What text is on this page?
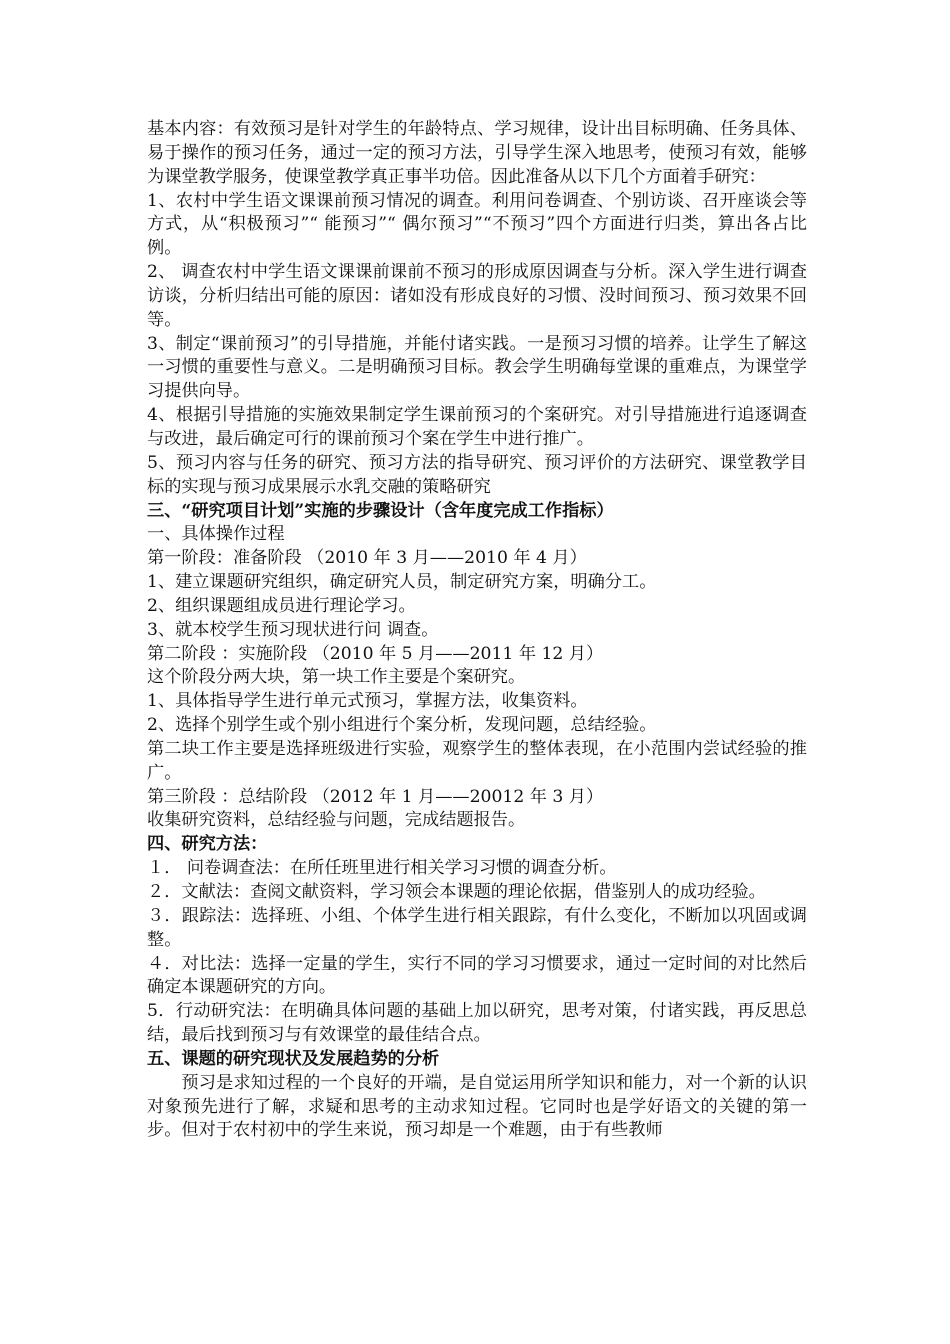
基本内容：有效预习是针对学生的年龄特点、学习规律，设计出目标明确、任务具体、易于操作的预习任务，通过一定的预习方法，引导学生深入地思考，使预习有效，能够为课堂教学服务，使课堂教学真正事半功倍。因此准备从以下几个方面着手研究：

1、农村中学生语文课课前预习情况的调查。利用问卷调查、个别访谈、召开座谈会等方式，从“积极预习”“ 能预习”“ 偶尔预习”“不预习”四个方面进行归类，算出各占比例。

2、 调查农村中学生语文课课前课前不预习的形成原因调查与分析。深入学生进行调查访谈，分析归结出可能的原因：诸如没有形成良好的习惯、没时间预习、预习效果不回等。

3、制定“课前预习”的引导措施，并能付诸实践。一是预习习惯的培养。让学生了解这一习惯的重要性与意义。二是明确预习目标。教会学生明确每堂课的重难点，为课堂学习提供向导。

4、根据引导措施的实施效果制定学生课前预习的个案研究。对引导措施进行追逐调查与改进，最后确定可行的课前预习个案在学生中进行推广。

5、预习内容与任务的研究、预习方法的指导研究、预习评价的方法研究、课堂教学目标的实现与预习成果展示水乳交融的策略研究

三、“研究项目计划”实施的步骤设计（含年度完成工作指标）

一、具体操作过程

第一阶段：准备阶段 （2010 年 3 月——2010 年 4 月）

1、建立课题研究组织，确定研究人员，制定研究方案，明确分工。

2、组织课题组成员进行理论学习。

3、就本校学生预习现状进行问 调查。

第二阶段 ：实施阶段 （2010 年 5 月——2011 年 12 月）

这个阶段分两大块，第一块工作主要是个案研究。

1、具体指导学生进行单元式预习，掌握方法，收集资料。

2、选择个别学生或个别小组进行个案分析，发现问题，总结经验。

第二块工作主要是选择班级进行实验，观察学生的整体表现，在小范围内尝试经验的推广。

第三阶段 ：总结阶段 （2012 年 1 月——20012 年 3 月）

收集研究资料，总结经验与问题，完成结题报告。

四、研究方法：

１． 问卷调查法：在所任班里进行相关学习习惯的调查分析。

２．文献法：查阅文献资料，学习领会本课题的理论依据，借鉴别人的成功经验。

３．跟踪法：选择班、小组、个体学生进行相关跟踪，有什么变化，不断加以巩固或调整。

４．对比法：选择一定量的学生，实行不同的学习习惯要求，通过一定时间的对比然后确定本课题研究的方向。

5．行动研究法：在明确具体问题的基础上加以研究，思考对策，付诸实践，再反思总结，最后找到预习与有效课堂的最佳结合点。

五、课题的研究现状及发展趋势的分析

预习是求知过程的一个良好的开端，是自觉运用所学知识和能力，对一个新的认识对象预先进行了解，求疑和思考的主动求知过程。它同时也是学好语文的关键的第一步。但对于农村初中的学生来说，预习却是一个难题，由于有些教师
